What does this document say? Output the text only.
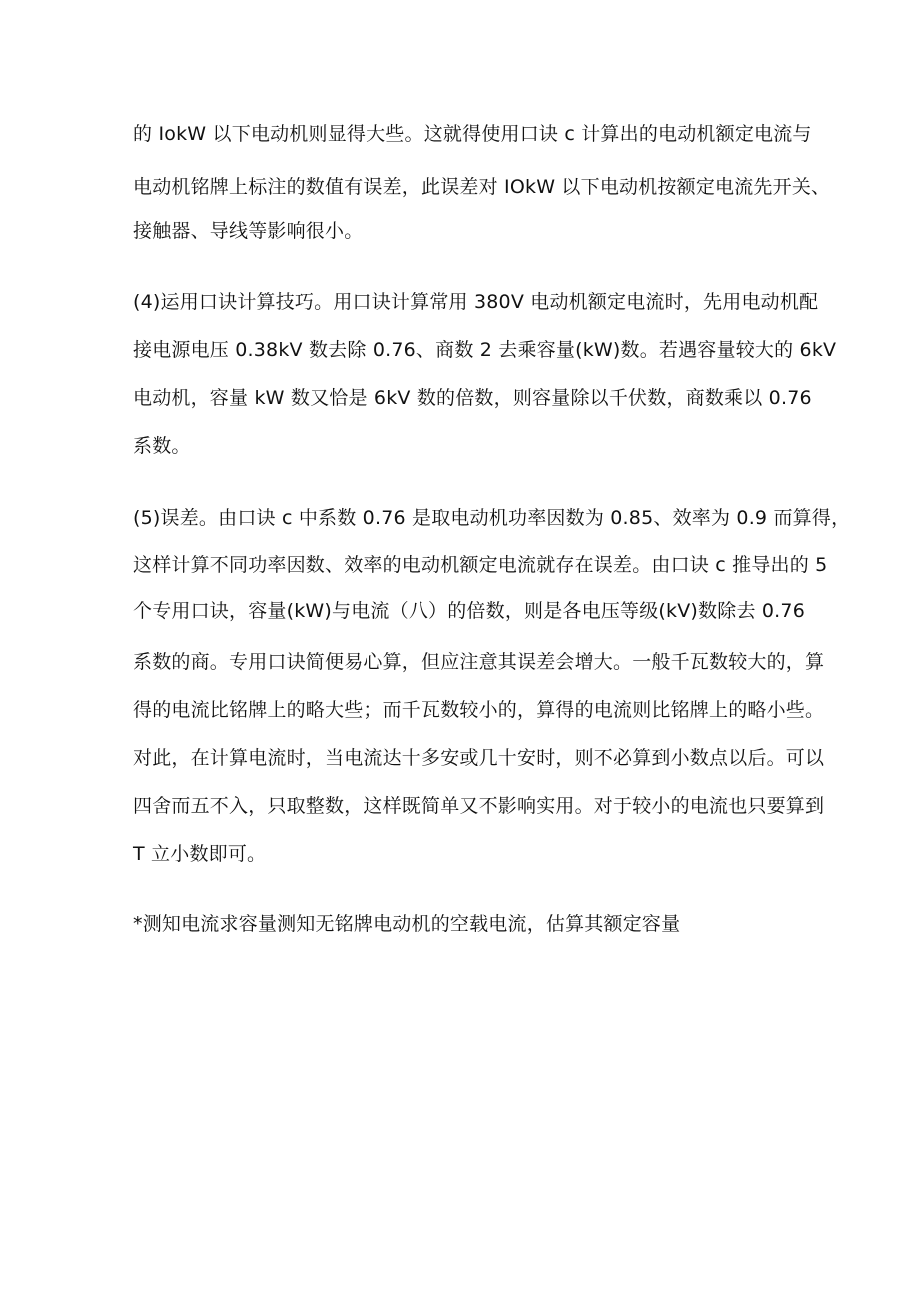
的 IokW 以下电动机则显得大些。这就得使用口诀 c 计算出的电动机额定电流与

电动机铭牌上标注的数值有误差，此误差对 IOkW 以下电动机按额定电流先开关、

接触器、导线等影响很小。

(4)运用口诀计算技巧。用口诀计算常用 380V 电动机额定电流时，先用电动机配

接电源电压 0.38kV 数去除 0.76、商数 2 去乘容量(kW)数。若遇容量较大的 6kV

电动机，容量 kW 数又恰是 6kV 数的倍数，则容量除以千伏数，商数乘以 0.76

系数。

(5)误差。由口诀 c 中系数 0.76 是取电动机功率因数为 0.85、效率为 0.9 而算得，

这样计算不同功率因数、效率的电动机额定电流就存在误差。由口诀 c 推导出的 5

个专用口诀，容量(kW)与电流（八）的倍数，则是各电压等级(kV)数除去 0.76

系数的商。专用口诀简便易心算，但应注意其误差会增大。一般千瓦数较大的，算

得的电流比铭牌上的略大些；而千瓦数较小的，算得的电流则比铭牌上的略小些。

对此，在计算电流时，当电流达十多安或几十安时，则不必算到小数点以后。可以

四舍而五不入，只取整数，这样既简单又不影响实用。对于较小的电流也只要算到

T 立小数即可。

*测知电流求容量测知无铭牌电动机的空载电流，估算其额定容量
